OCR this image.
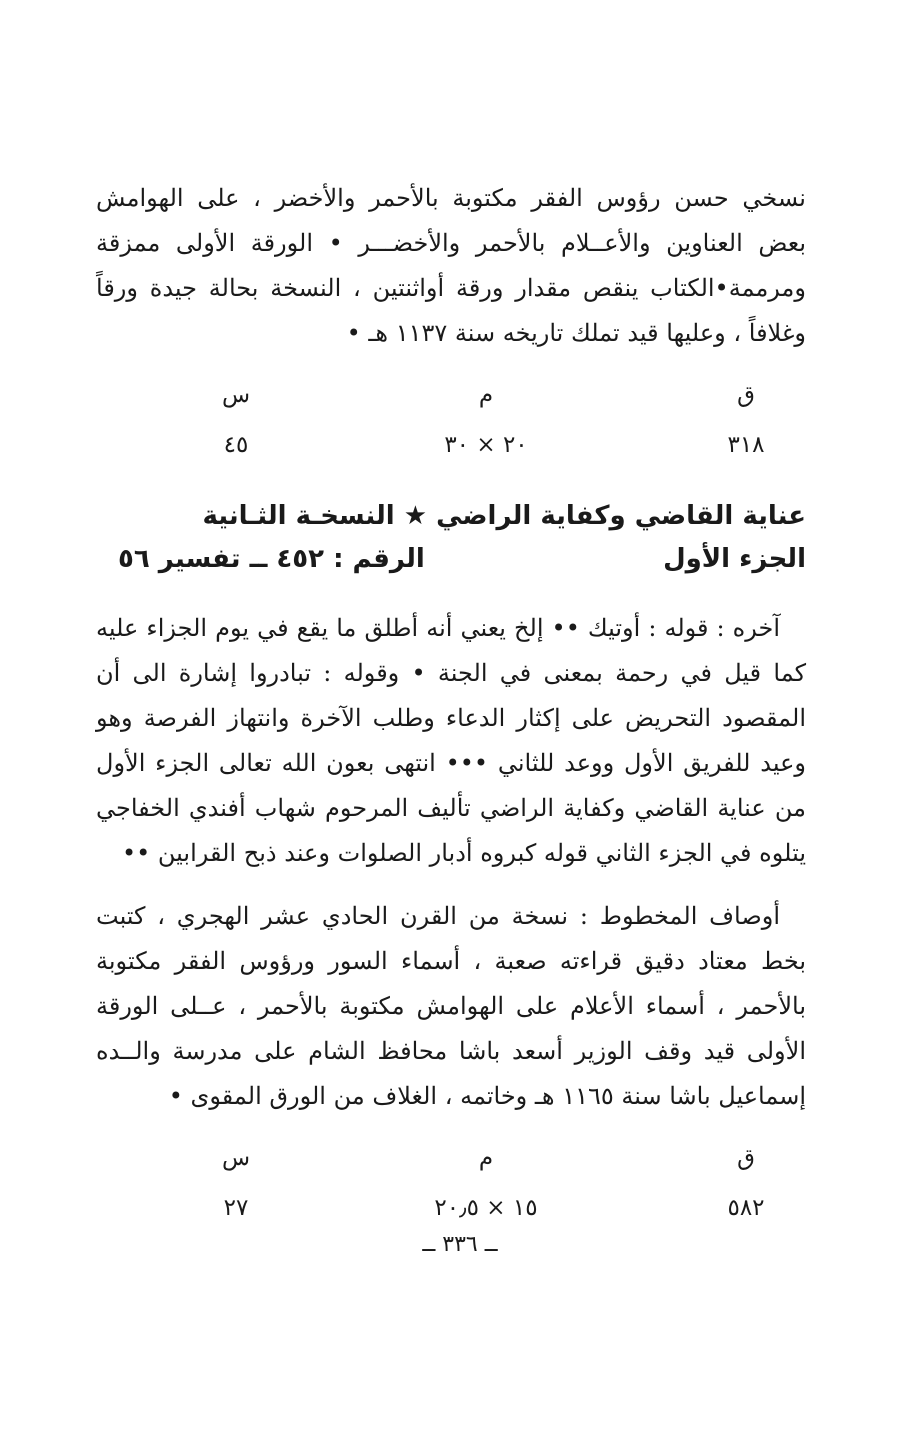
نسخي حسن رؤوس الفقر مكتوبة بالأحمر والأخضر ، على الهوامش بعض العناوين والأعــلام بالأحمر والأخضـــر • الورقة الأولى ممزقة ومرممة•الكتاب ينقص مقدار ورقة أواثنتين ، النسخة بحالة جيدة ورقاً وغلافاً ، وعليها قيد تملك تاريخه سنة ١١٣٧ هـ •

ق
م
س
٣١٨
٢٠ × ٣٠
٤٥
عناية القاضي وكفاية الراضي ★ النسخـة الثـانية
الجزء الأول
الرقم : ٤٥٢ ــ تفسير ٥٦

آخره : قوله : أوتيك •• إلخ يعني أنه أطلق ما يقع في يوم الجزاء عليه كما قيل في رحمة بمعنى في الجنة • وقوله : تبادروا إشارة الى أن المقصود التحريض على إكثار الدعاء وطلب الآخرة وانتهاز الفرصة وهو وعيد للفريق الأول ووعد للثاني ••• انتهى بعون الله تعالى الجزء الأول من عناية القاضي وكفاية الراضي تأليف المرحوم شهاب أفندي الخفاجي يتلوه في الجزء الثاني قوله كبروه أدبار الصلوات وعند ذبح القرابين ••

أوصاف المخطوط : نسخة من القرن الحادي عشر الهجري ، كتبت بخط معتاد دقيق قراءته صعبة ، أسماء السور ورؤوس الفقر مكتوبة بالأحمر ، أسماء الأعلام على الهوامش مكتوبة بالأحمر ، عــلى الورقة الأولى قيد وقف الوزير أسعد باشا محافظ الشام على مدرسة والــده إسماعيل باشا سنة ١١٦٥ هـ وخاتمه ، الغلاف من الورق المقوى •

ق
م
س
٥٨٢
١٥ × ٢٠٫٥
٢٧
ــ ٣٣٦ ــ
